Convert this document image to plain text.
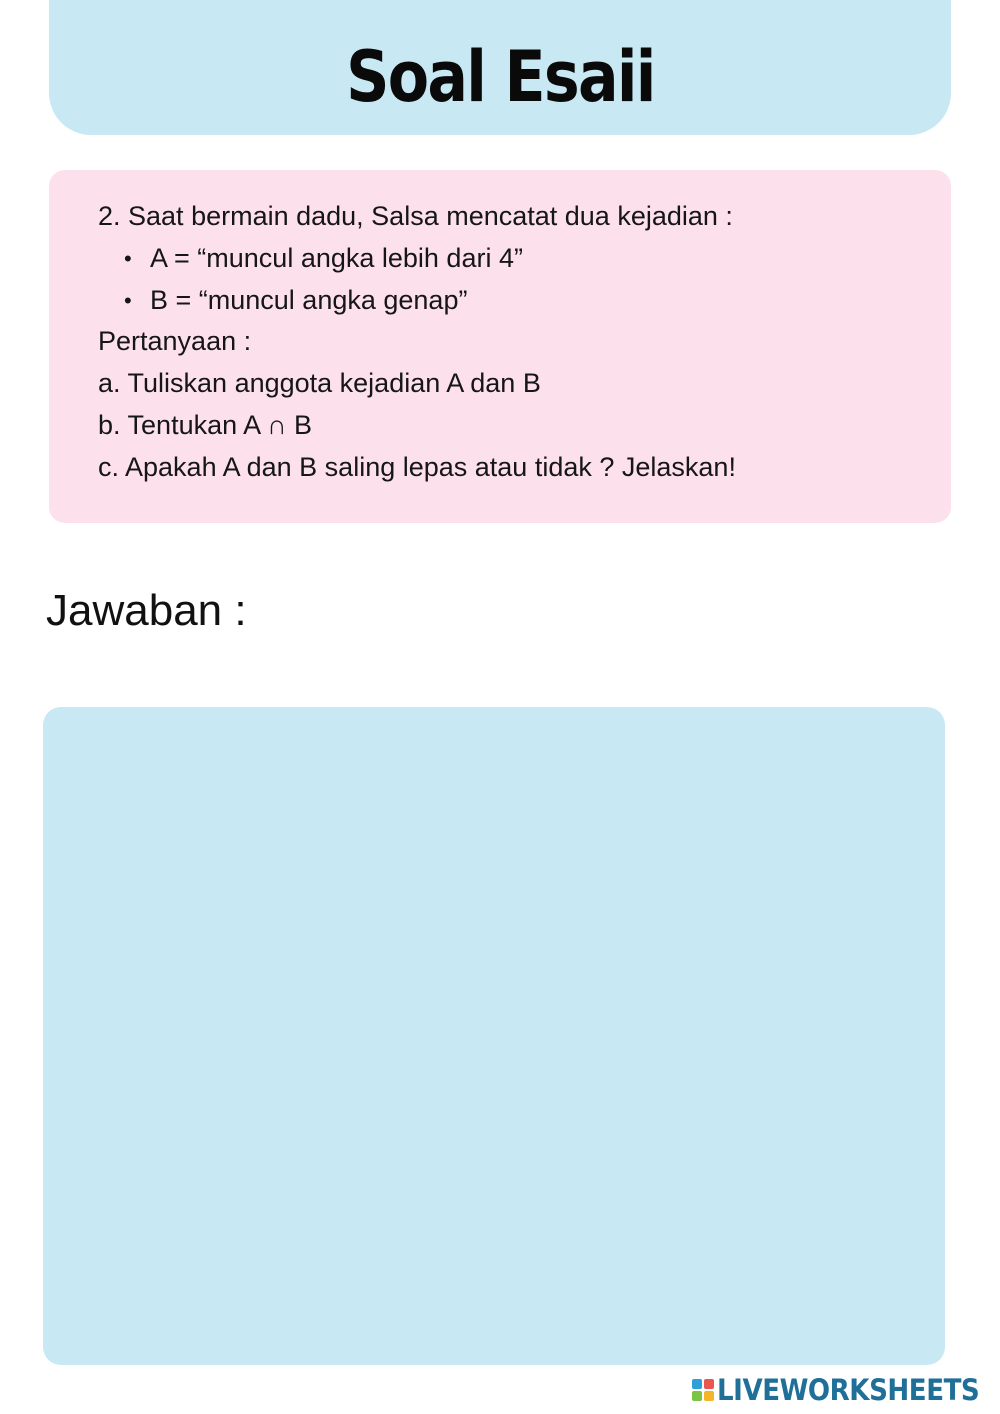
Soal Esaii
2. Saat bermain dadu, Salsa mencatat dua kejadian :
• A = “muncul angka lebih dari 4”
• B = “muncul angka genap”
Pertanyaan :
a. Tuliskan anggota kejadian A dan B
b. Tentukan A ∩ B
c. Apakah A dan B saling lepas atau tidak ? Jelaskan!
Jawaban :
LIVEWORKSHEETS
